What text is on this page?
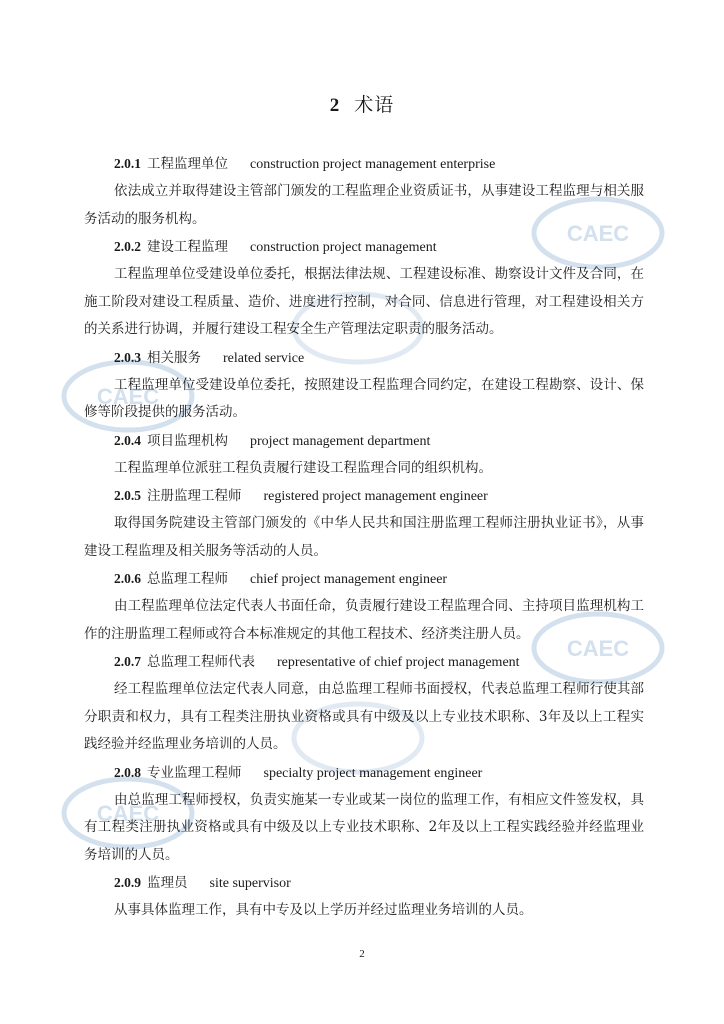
CAEC
CAEC
CAEC
CAEC
2 术语
2.0.1 工程监理单位 construction project management enterprise

依法成立并取得建设主管部门颁发的工程监理企业资质证书，从事建设工程监理与相关服务活动的服务机构。

2.0.2 建设工程监理 construction project management

工程监理单位受建设单位委托，根据法律法规、工程建设标准、勘察设计文件及合同，在施工阶段对建设工程质量、造价、进度进行控制，对合同、信息进行管理，对工程建设相关方的关系进行协调，并履行建设工程安全生产管理法定职责的服务活动。

2.0.3 相关服务 related service

工程监理单位受建设单位委托，按照建设工程监理合同约定，在建设工程勘察、设计、保修等阶段提供的服务活动。

2.0.4 项目监理机构 project management department

工程监理单位派驻工程负责履行建设工程监理合同的组织机构。

2.0.5 注册监理工程师 registered project management engineer

取得国务院建设主管部门颁发的《中华人民共和国注册监理工程师注册执业证书》，从事建设工程监理及相关服务等活动的人员。

2.0.6 总监理工程师 chief project management engineer

由工程监理单位法定代表人书面任命，负责履行建设工程监理合同、主持项目监理机构工作的注册监理工程师或符合本标准规定的其他工程技术、经济类注册人员。

2.0.7 总监理工程师代表 representative of chief project management

经工程监理单位法定代表人同意，由总监理工程师书面授权，代表总监理工程师行使其部分职责和权力，具有工程类注册执业资格或具有中级及以上专业技术职称、3年及以上工程实践经验并经监理业务培训的人员。

2.0.8 专业监理工程师 specialty project management engineer

由总监理工程师授权，负责实施某一专业或某一岗位的监理工作，有相应文件签发权，具有工程类注册执业资格或具有中级及以上专业技术职称、2年及以上工程实践经验并经监理业务培训的人员。

2.0.9 监理员 site supervisor

从事具体监理工作，具有中专及以上学历并经过监理业务培训的人员。

2
